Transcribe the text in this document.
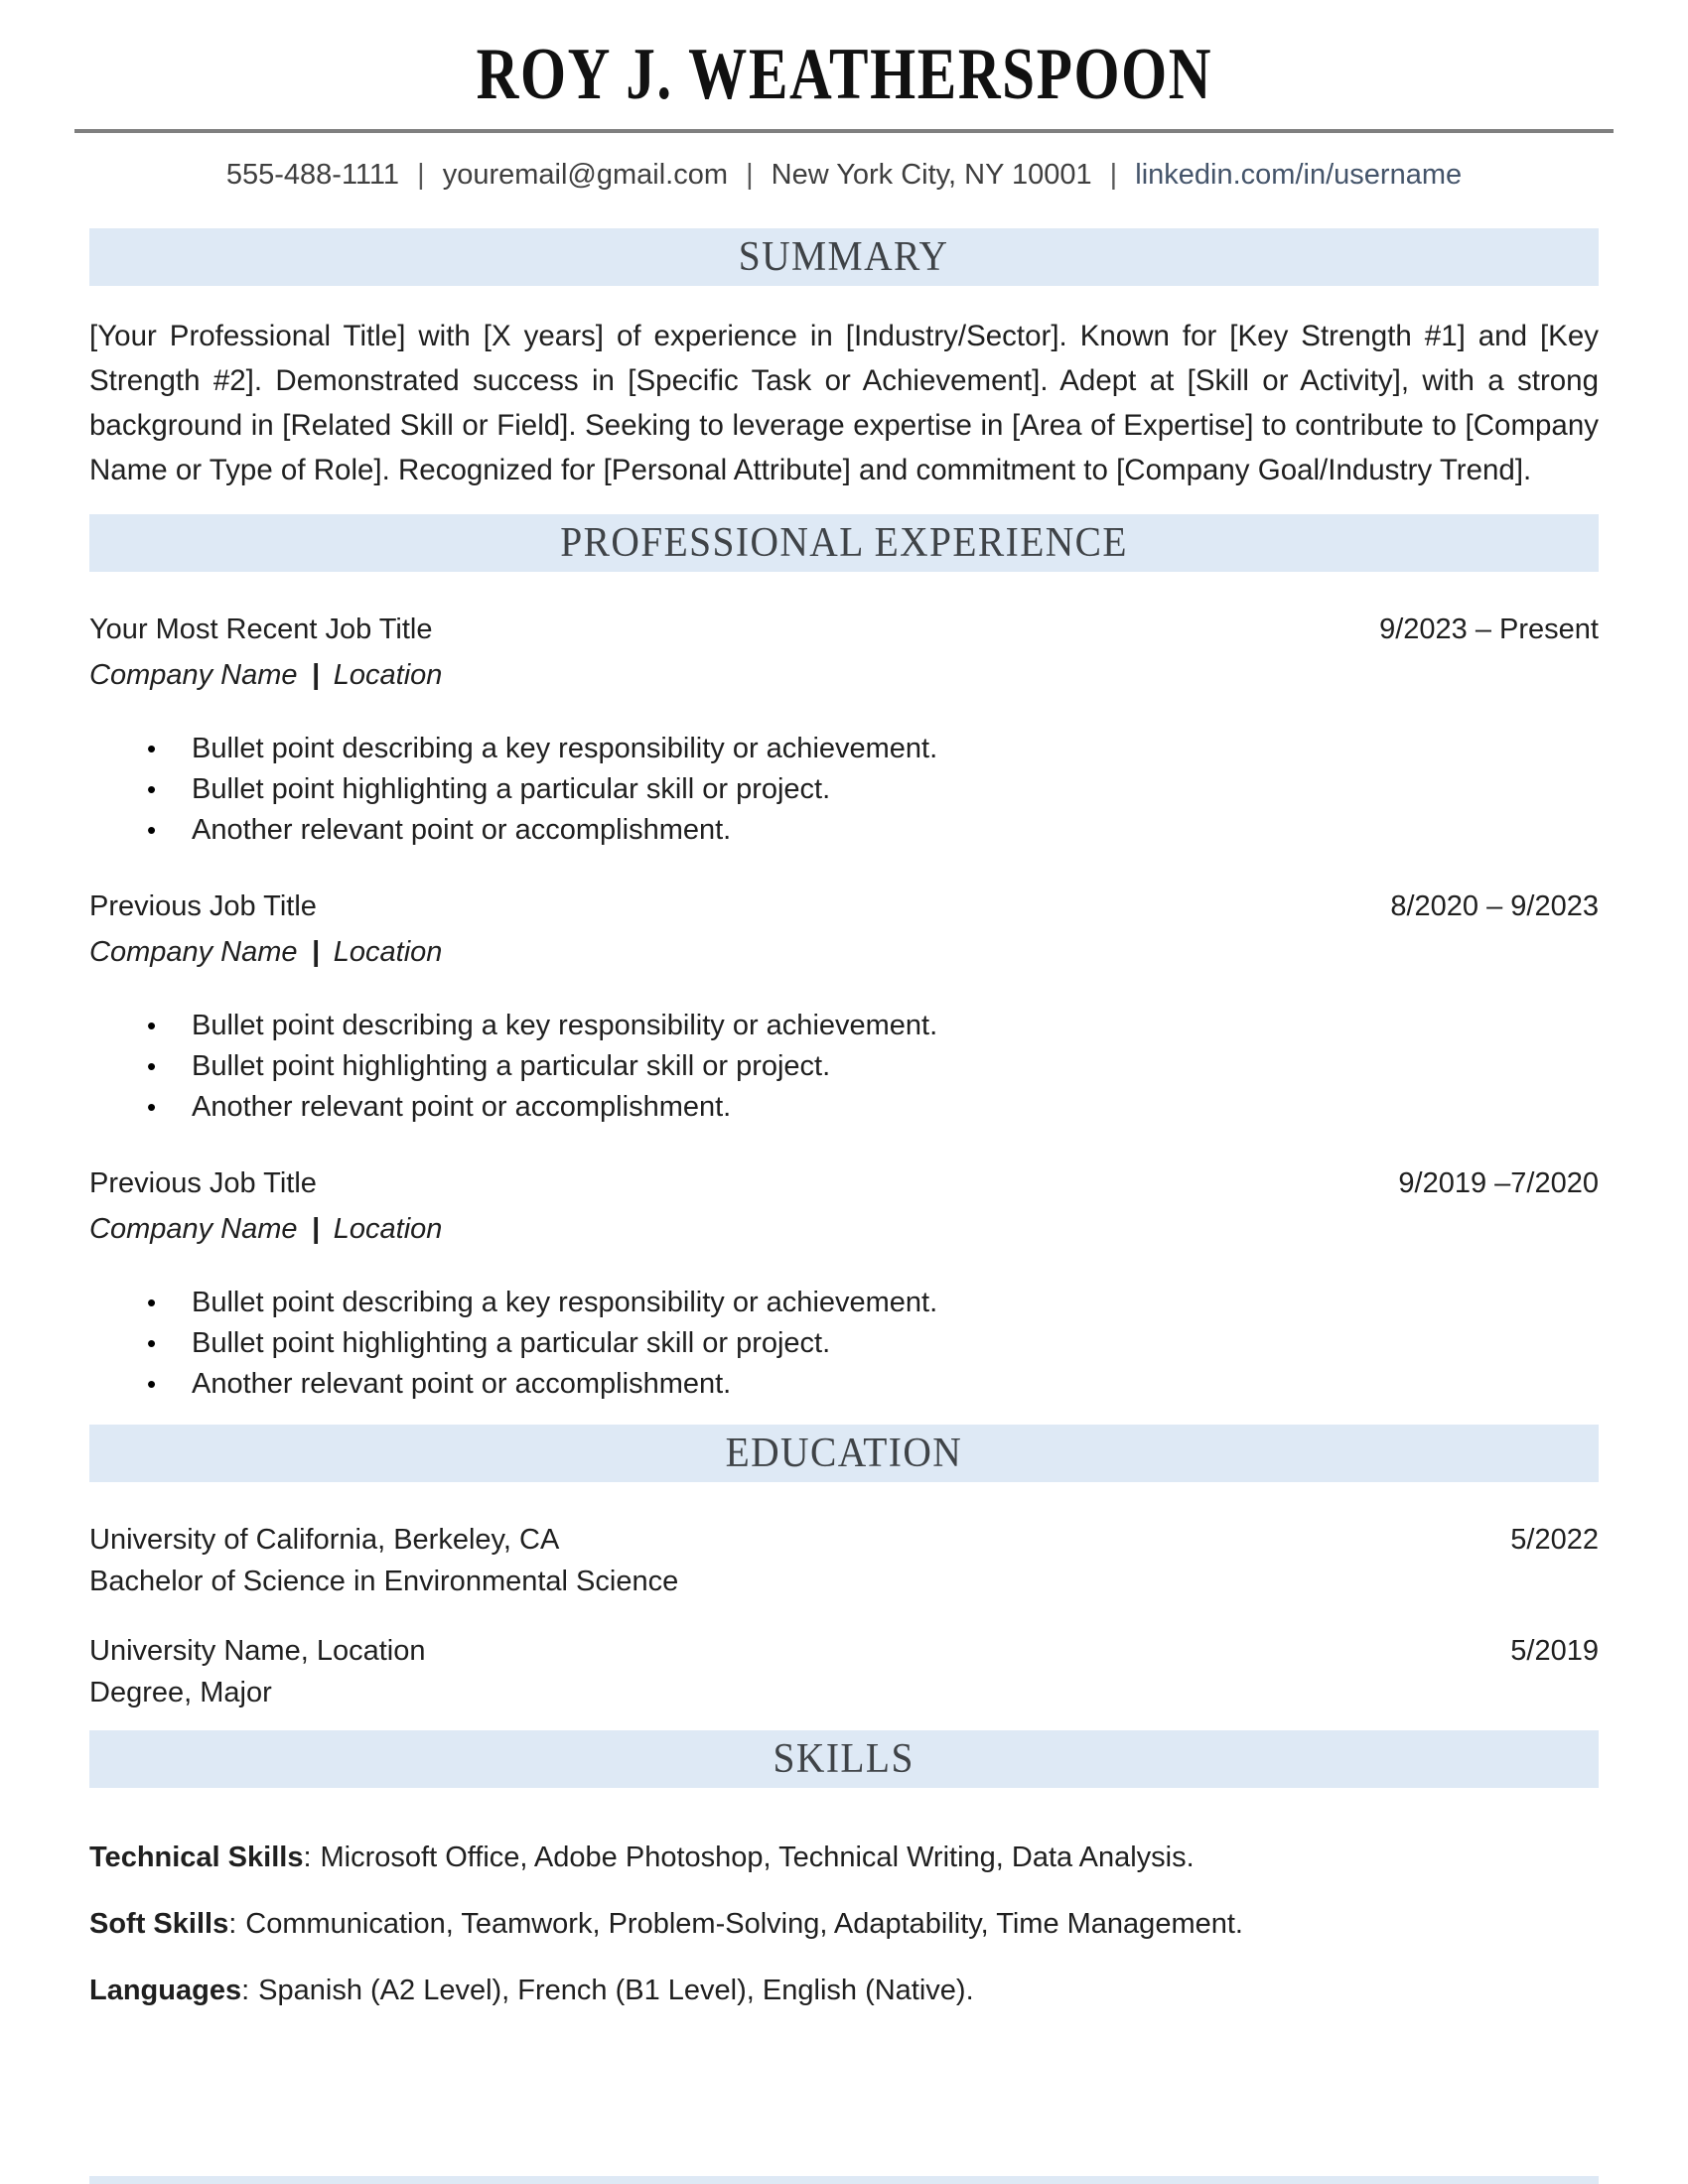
ROY J. WEATHERSPOON
555-488-1111 | youremail@gmail.com | New York City, NY 10001 | linkedin.com/in/username
SUMMARY

[Your Professional Title] with [X years] of experience in [Industry/Sector]. Known for [Key Strength #1] and [Key Strength #2]. Demonstrated success in [Specific Task or Achievement]. Adept at [Skill or Activity], with a strong background in [Related Skill or Field]. Seeking to leverage expertise in [Area of Expertise] to contribute to [Company Name or Type of Role]. Recognized for [Personal Attribute] and commitment to [Company Goal/Industry Trend].

PROFESSIONAL EXPERIENCE
Your Most Recent Job Title	9/2023 – Present
Company Name | Location
•	Bullet point describing a key responsibility or achievement.
•	Bullet point highlighting a particular skill or project.
•	Another relevant point or accomplishment.
Previous Job Title	8/2020 – 9/2023
Company Name | Location
•	Bullet point describing a key responsibility or achievement.
•	Bullet point highlighting a particular skill or project.
•	Another relevant point or accomplishment.
Previous Job Title	9/2019 –7/2020
Company Name | Location
•	Bullet point describing a key responsibility or achievement.
•	Bullet point highlighting a particular skill or project.
•	Another relevant point or accomplishment.
EDUCATION
University of California, Berkeley, CA	5/2022
Bachelor of Science in Environmental Science
University Name, Location	5/2019
Degree, Major
SKILLS
Technical Skills: Microsoft Office, Adobe Photoshop, Technical Writing, Data Analysis.
Soft Skills: Communication, Teamwork, Problem-Solving, Adaptability, Time Management.
Languages: Spanish (A2 Level), French (B1 Level), English (Native).
